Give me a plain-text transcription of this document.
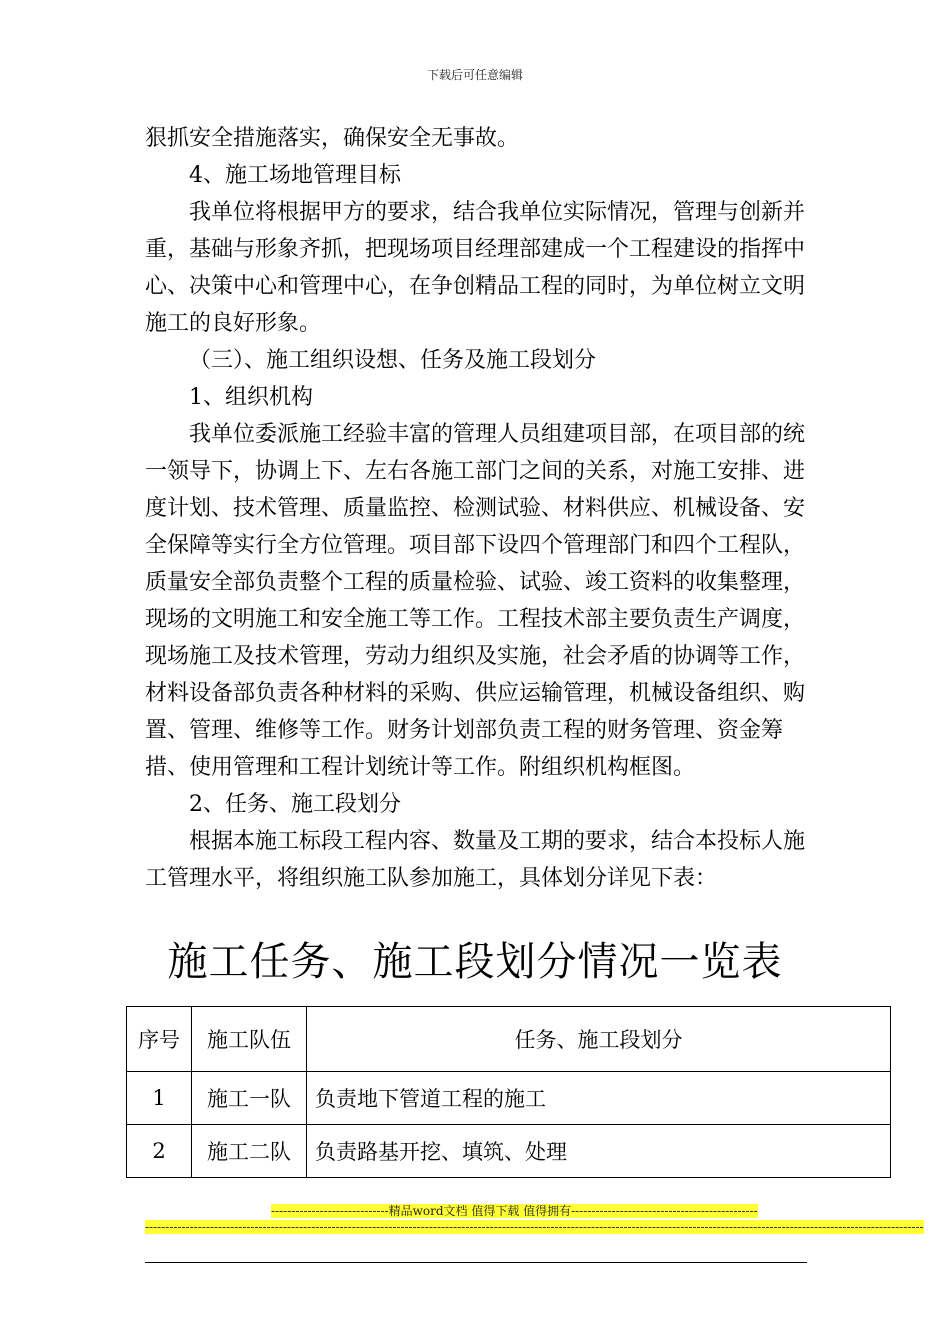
下载后可任意编辑

狠抓安全措施落实，确保安全无事故。

4、施工场地管理目标

我单位将根据甲方的要求，结合我单位实际情况，管理与创新并重，基础与形象齐抓，把现场项目经理部建成一个工程建设的指挥中心、决策中心和管理中心，在争创精品工程的同时，为单位树立文明施工的良好形象。

（三）、施工组织设想、任务及施工段划分

1、组织机构

我单位委派施工经验丰富的管理人员组建项目部，在项目部的统一领导下，协调上下、左右各施工部门之间的关系，对施工安排、进度计划、技术管理、质量监控、检测试验、材料供应、机械设备、安全保障等实行全方位管理。项目部下设四个管理部门和四个工程队，质量安全部负责整个工程的质量检验、试验、竣工资料的收集整理，现场的文明施工和安全施工等工作。工程技术部主要负责生产调度，现场施工及技术管理，劳动力组织及实施，社会矛盾的协调等工作，材料设备部负责各种材料的采购、供应运输管理，机械设备组织、购置、管理、维修等工作。财务计划部负责工程的财务管理、资金筹措、使用管理和工程计划统计等工作。附组织机构框图。

2、任务、施工段划分

根据本施工标段工程内容、数量及工期的要求，结合本投标人施工管理水平，将组织施工队参加施工，具体划分详见下表：

施工任务、施工段划分情况一览表
序号	施工队伍	任务、施工段划分
1	施工一队	负责地下管道工程的施工
2	施工二队	负责路基开挖、填筑、处理
-----------------------------精品word文档 值得下载 值得拥有----------------------------------------------
------------------------------------------------------------------------------------------------------------------------------------------------------------------------------------------------
